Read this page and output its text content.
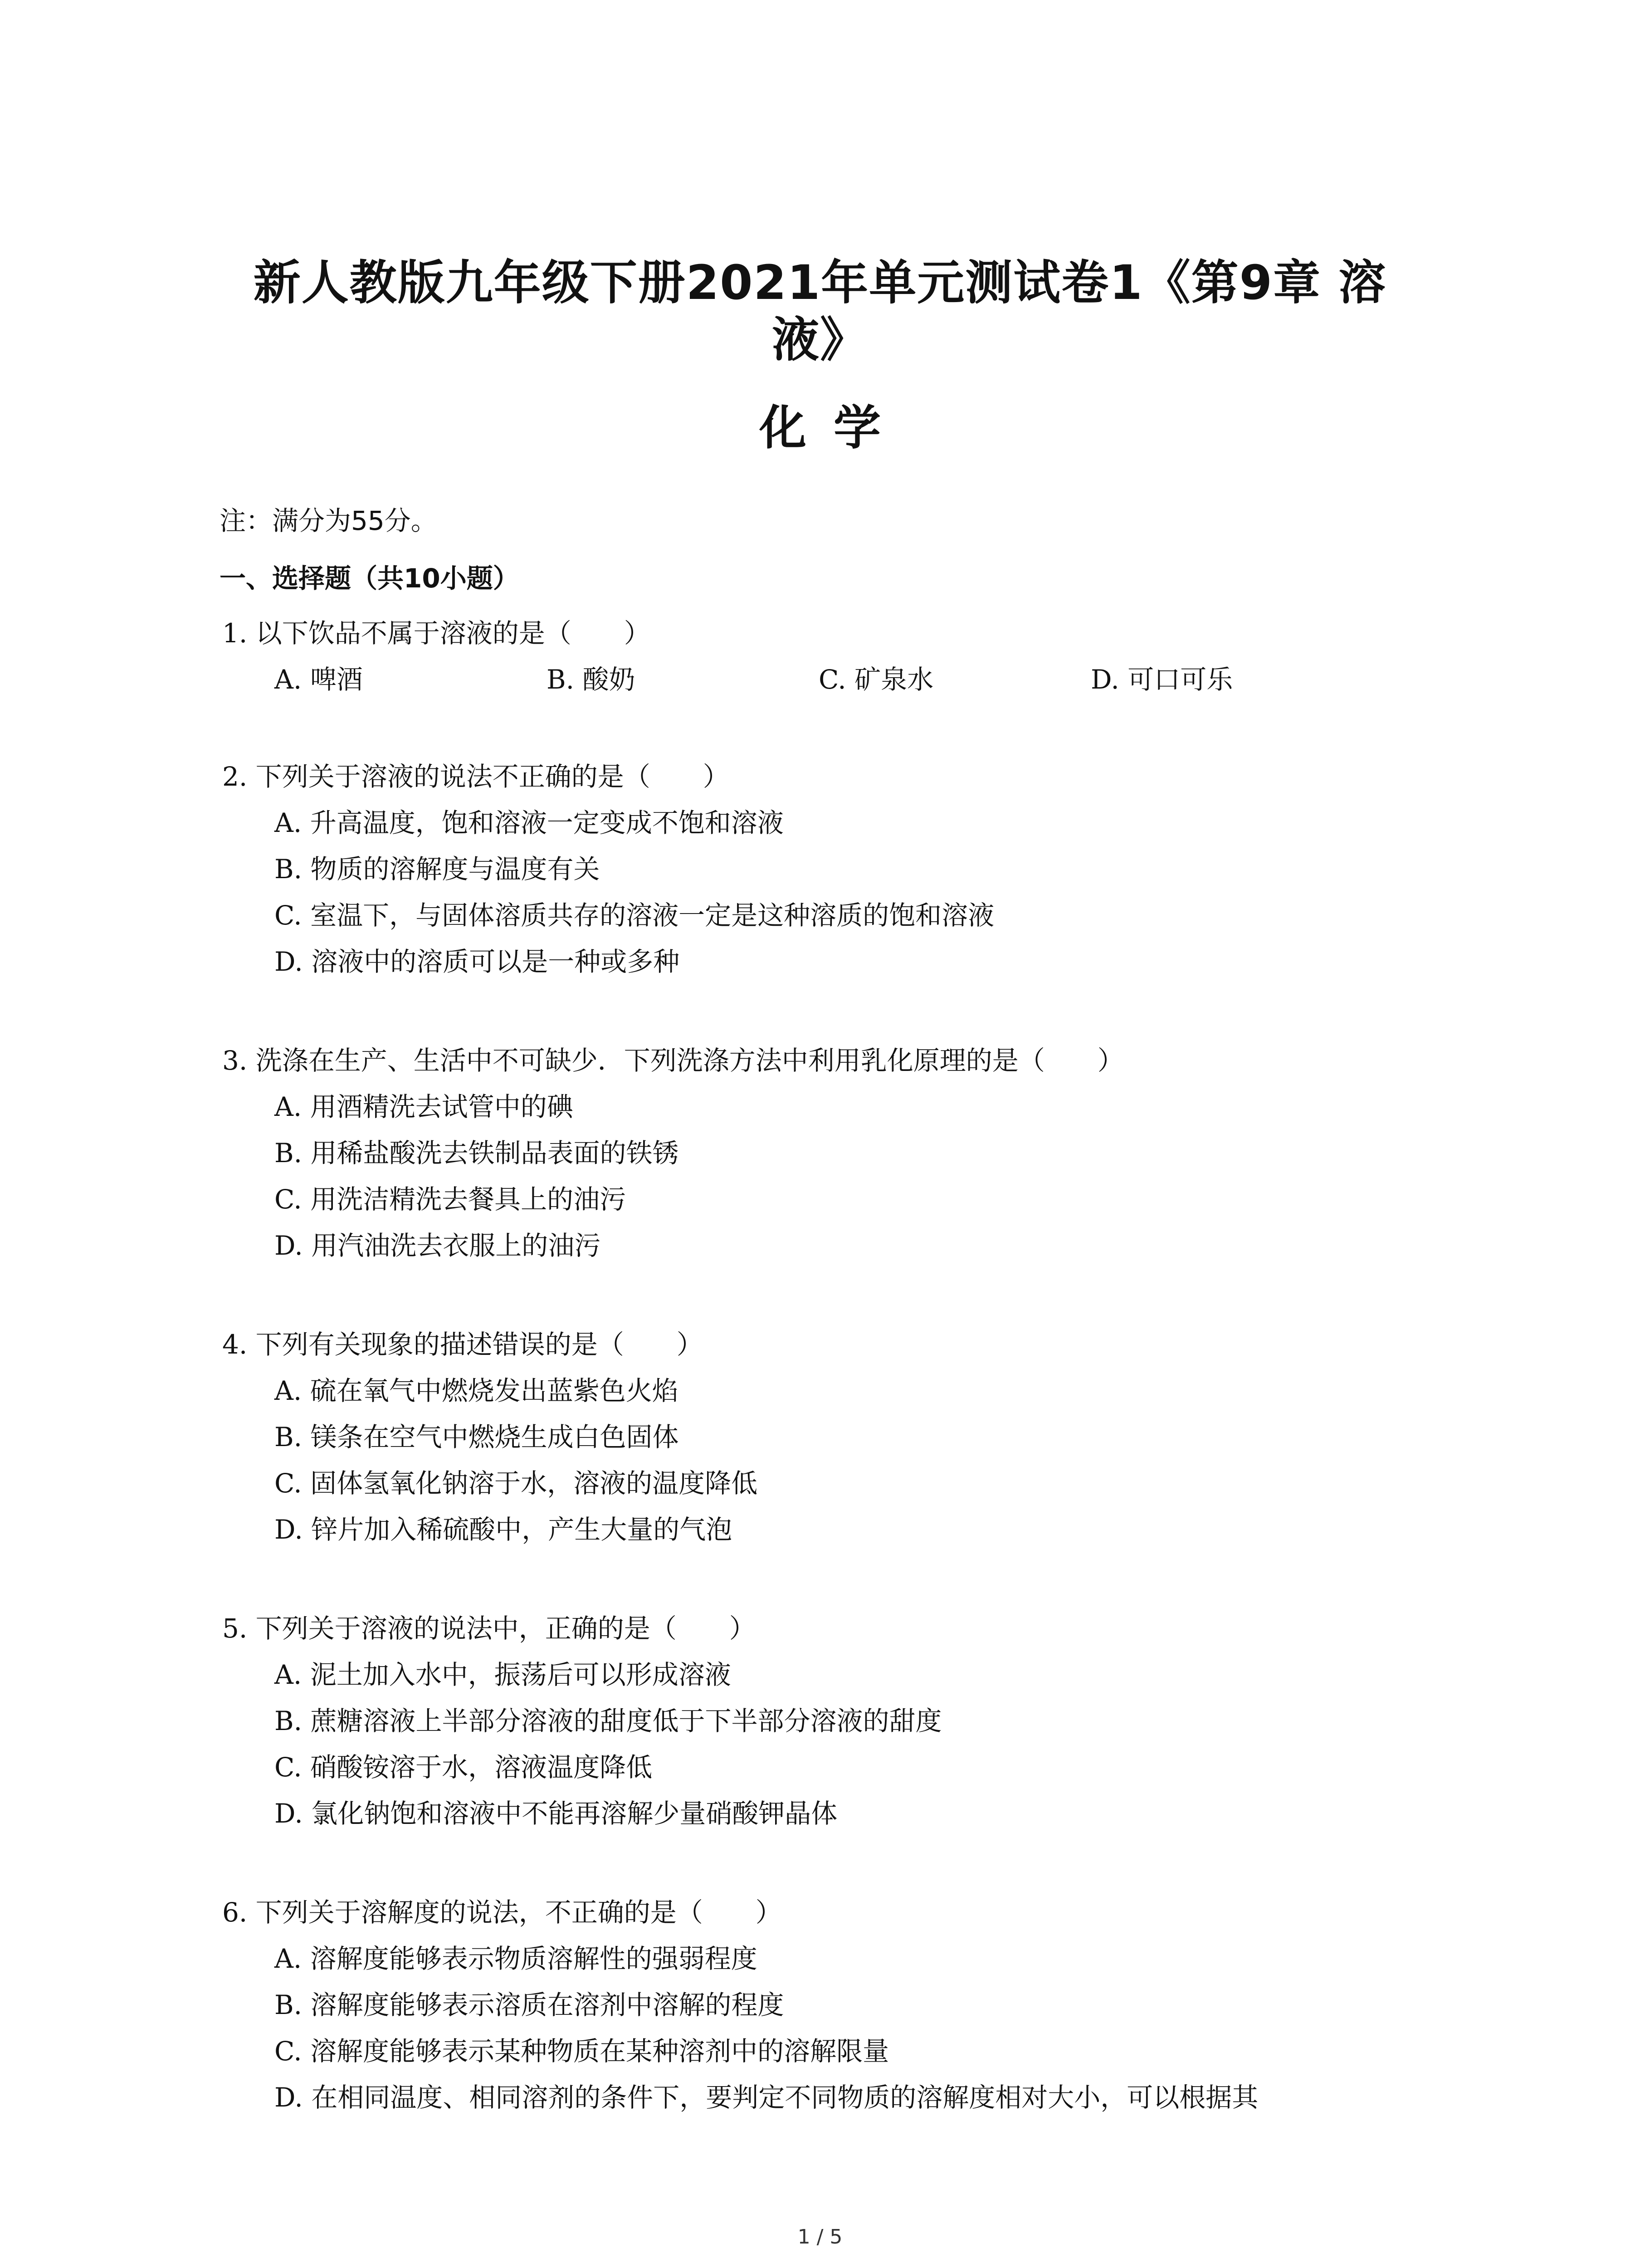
新人教版九年级下册2021年单元测试卷1《第9章 溶
液》
化学
注：满分为55分。
一、选择题（共10小题）
1. 以下饮品不属于溶液的是（　　）
A. 啤酒	B. 酸奶	C. 矿泉水	D. 可口可乐
2. 下列关于溶液的说法不正确的是（　　）
A. 升高温度，饱和溶液一定变成不饱和溶液
B. 物质的溶解度与温度有关
C. 室温下，与固体溶质共存的溶液一定是这种溶质的饱和溶液
D. 溶液中的溶质可以是一种或多种
3. 洗涤在生产、生活中不可缺少．下列洗涤方法中利用乳化原理的是（　　）
A. 用酒精洗去试管中的碘
B. 用稀盐酸洗去铁制品表面的铁锈
C. 用洗洁精洗去餐具上的油污
D. 用汽油洗去衣服上的油污
4. 下列有关现象的描述错误的是（　　）
A. 硫在氧气中燃烧发出蓝紫色火焰
B. 镁条在空气中燃烧生成白色固体
C. 固体氢氧化钠溶于水，溶液的温度降低
D. 锌片加入稀硫酸中，产生大量的气泡
5. 下列关于溶液的说法中，正确的是（　　）
A. 泥土加入水中，振荡后可以形成溶液
B. 蔗糖溶液上半部分溶液的甜度低于下半部分溶液的甜度
C. 硝酸铵溶于水，溶液温度降低
D. 氯化钠饱和溶液中不能再溶解少量硝酸钾晶体
6. 下列关于溶解度的说法，不正确的是（　　）
A. 溶解度能够表示物质溶解性的强弱程度
B. 溶解度能够表示溶质在溶剂中溶解的程度
C. 溶解度能够表示某种物质在某种溶剂中的溶解限量
D. 在相同温度、相同溶剂的条件下，要判定不同物质的溶解度相对大小，可以根据其
1 / 5
